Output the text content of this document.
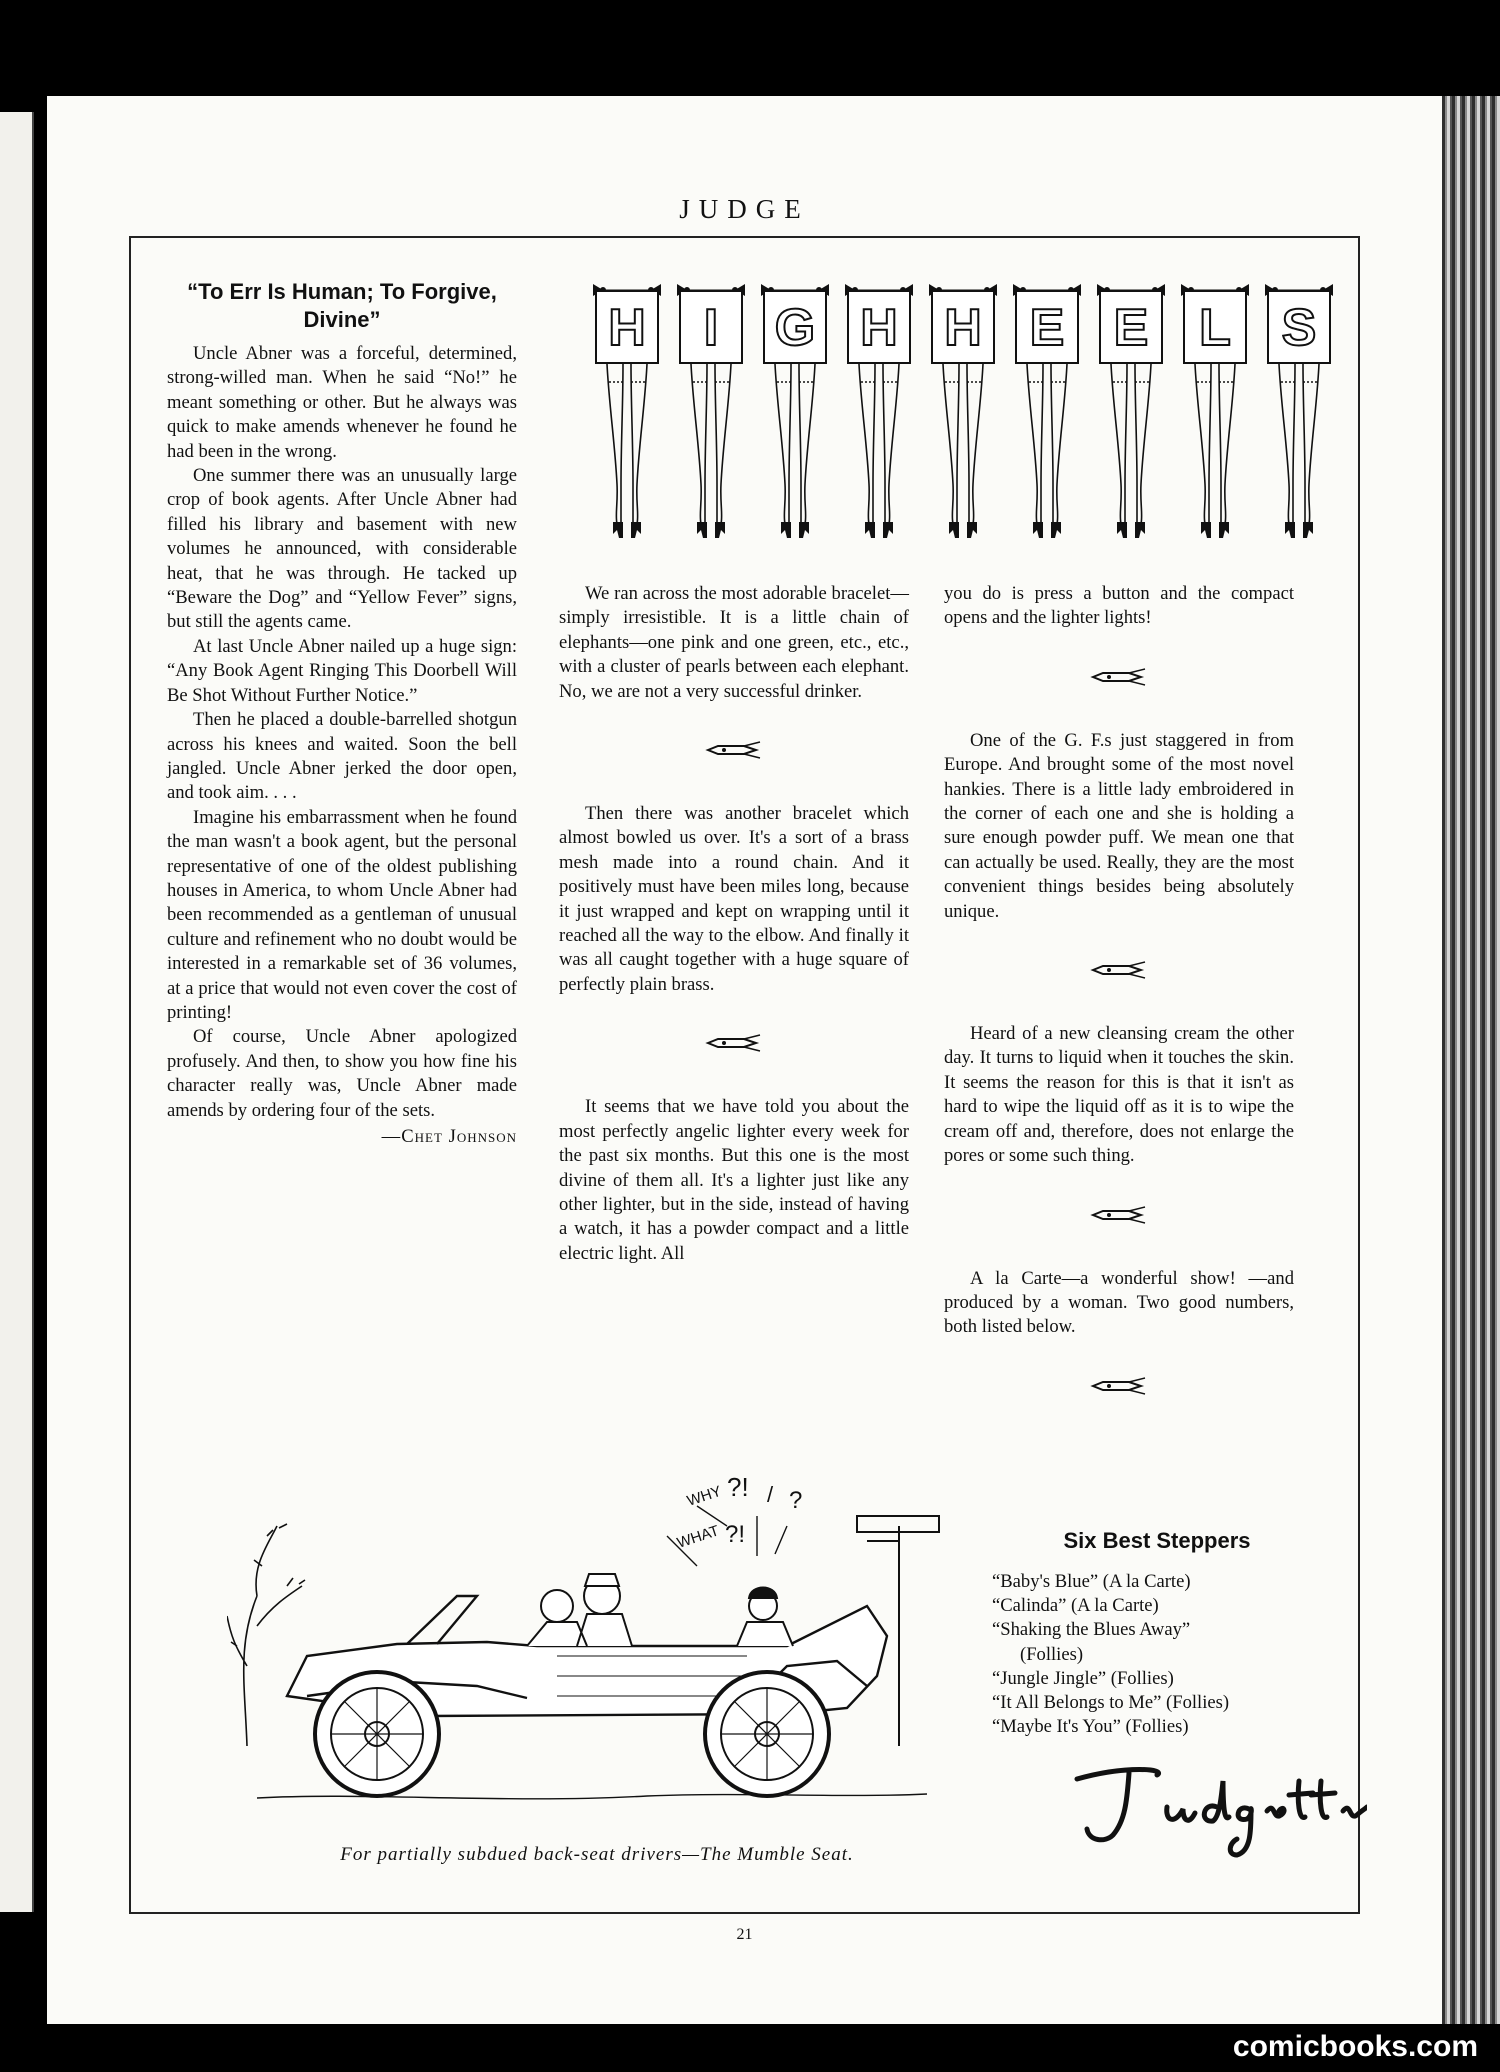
JUDGE
“To Err Is Human; To Forgive, Divine”

Uncle Abner was a forceful, determined, strong-willed man. When he said “No!” he meant something or other. But he always was quick to make amends whenever he found he had been in the wrong.

One summer there was an unusually large crop of book agents. After Uncle Abner had filled his library and basement with new volumes he announced, with considerable heat, that he was through. He tacked up “Beware the Dog” and “Yellow Fever” signs, but still the agents came.

At last Uncle Abner nailed up a huge sign: “Any Book Agent Ringing This Doorbell Will Be Shot Without Further Notice.”

Then he placed a double-barrelled shotgun across his knees and waited. Soon the bell jangled. Uncle Abner jerked the door open, and took aim. . . .

Imagine his embarrassment when he found the man wasn't a book agent, but the personal representative of one of the oldest publishing houses in America, to whom Uncle Abner had been recommended as a gentleman of unusual culture and refinement who no doubt would be interested in a remarkable set of 36 volumes, at a price that would not even cover the cost of printing!

Of course, Uncle Abner apologized profusely. And then, to show you how fine his character really was, Uncle Abner made amends by ordering four of the sets.

—Chet Johnson
H	I	G H H E E L S

We ran across the most adorable bracelet—simply irresistible. It is a little chain of elephants—one pink and one green, etc., etc., with a cluster of pearls between each elephant. No, we are not a very successful drinker.

Then there was another bracelet which almost bowled us over. It's a sort of a brass mesh made into a round chain. And it positively must have been miles long, because it just wrapped and kept on wrapping until it reached all the way to the elbow. And finally it was all caught together with a huge square of perfectly plain brass.

It seems that we have told you about the most perfectly angelic lighter every week for the past six months. But this one is the most divine of them all. It's a lighter just like any other lighter, but in the side, instead of having a watch, it has a powder compact and a little electric light. All

you do is press a button and the compact opens and the lighter lights!

One of the G. F.s just staggered in from Europe. And brought some of the most novel hankies. There is a little lady embroidered in the corner of each one and she is holding a sure enough powder puff. We mean one that can actually be used. Really, they are the most convenient things besides being absolutely unique.

Heard of a new cleansing cream the other day. It turns to liquid when it touches the skin. It seems the reason for this is that it isn't as hard to wipe the liquid off as it is to wipe the cream off and, therefore, does not enlarge the pores or some such thing.

A la Carte—a wonderful show! —and produced by a woman. Two good numbers, both listed below.

WHY ?! / ?
WHAT ?!
For partially subdued back-seat drivers—The Mumble Seat.
Six Best Steppers
“Baby's Blue” (A la Carte)
“Calinda” (A la Carte)
“Shaking the Blues Away”
(Follies)
“Jungle Jingle” (Follies)
“It All Belongs to Me” (Follies)
“Maybe It's You” (Follies)
21
comicbooks.com
